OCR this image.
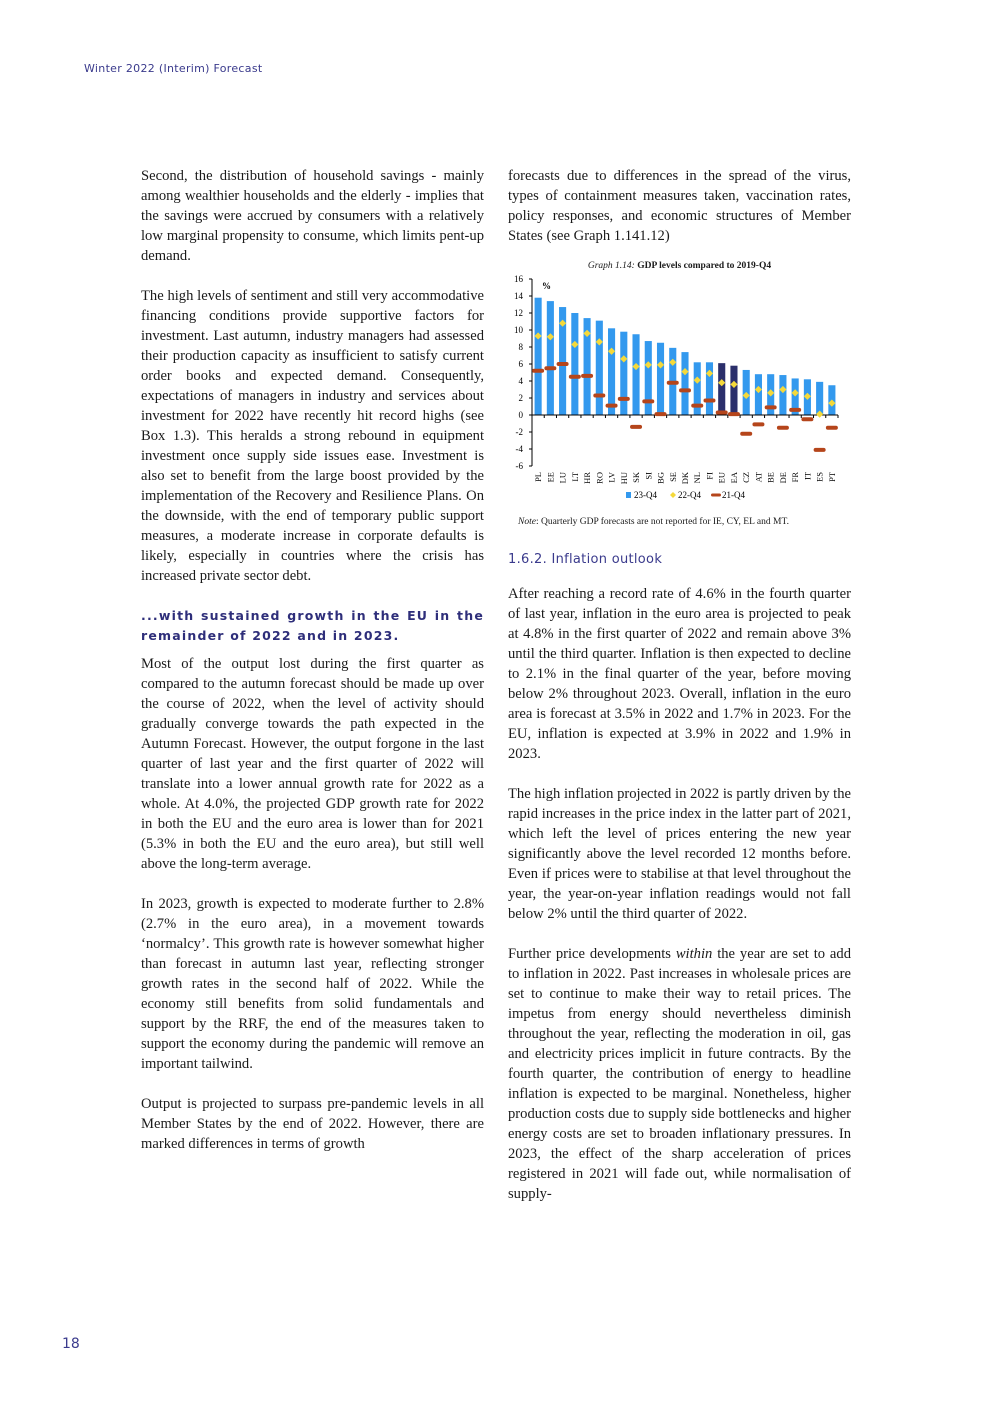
Winter 2022 (Interim) Forecast

Second, the distribution of household savings - mainly among wealthier households and the elderly - implies that the savings were accrued by consumers with a relatively low marginal propensity to consume, which limits pent-up demand.

The high levels of sentiment and still very accommodative financing conditions provide supportive factors for investment. Last autumn, industry managers had assessed their production capacity as insufficient to satisfy current order books and expected demand. Consequently, expectations of managers in industry and services about investment for 2022 have recently hit record highs (see Box 1.3). This heralds a strong rebound in equipment investment once supply side issues ease. Investment is also set to benefit from the large boost provided by the implementation of the Recovery and Resilience Plans. On the downside, with the end of temporary public support measures, a moderate increase in corporate defaults is likely, especially in countries where the crisis has increased private sector debt.

...with sustained growth in the EU in the remainder of 2022 and in 2023.

Most of the output lost during the first quarter as compared to the autumn forecast should be made up over the course of 2022, when the level of activity should gradually converge towards the path expected in the Autumn Forecast. However, the output forgone in the last quarter of last year and the first quarter of 2022 will translate into a lower annual growth rate for 2022 as a whole. At 4.0%, the projected GDP growth rate for 2022 in both the EU and the euro area is lower than for 2021 (5.3% in both the EU and the euro area), but still well above the long-term average.

In 2023, growth is expected to moderate further to 2.8% (2.7% in the euro area), in a movement towards ‘normalcy’. This growth rate is however somewhat higher than forecast in autumn last year, reflecting stronger growth rates in the second half of 2022. While the economy still benefits from solid fundamentals and support by the RRF, the end of the measures taken to support the economy during the pandemic will remove an important tailwind.

Output is projected to surpass pre-pandemic levels in all Member States by the end of 2022. However, there are marked differences in terms of growth

forecasts due to differences in the spread of the virus, types of containment measures taken, vaccination rates, policy responses, and economic structures of Member States (see Graph 1.141.12)

Graph 1.14: GDP levels compared to 2019-Q4
16
14
12
10
8
6
4
2
0
-2
-4
-6
%
PL EE LU LT HR RO LV HU SK SI BG SE DK NL FI EU EA CZ AT BE DE FR IT ES PT
23-Q4 22-Q4 21-Q4
Note: Quarterly GDP forecasts are not reported for IE, CY, EL and MT.
1.6.2. Inflation outlook

After reaching a record rate of 4.6% in the fourth quarter of last year, inflation in the euro area is projected to peak at 4.8% in the first quarter of 2022 and remain above 3% until the third quarter. Inflation is then expected to decline to 2.1% in the final quarter of the year, before moving below 2% throughout 2023. Overall, inflation in the euro area is forecast at 3.5% in 2022 and 1.7% in 2023. For the EU, inflation is expected at 3.9% in 2022 and 1.9% in 2023.

The high inflation projected in 2022 is partly driven by the rapid increases in the price index in the latter part of 2021, which left the level of prices entering the new year significantly above the level recorded 12 months before. Even if prices were to stabilise at that level throughout the year, the year-on-year inflation readings would not fall below 2% until the third quarter of 2022.

Further price developments within the year are set to add to inflation in 2022. Past increases in wholesale prices are set to continue to make their way to retail prices. The impetus from energy should nevertheless diminish throughout the year, reflecting the moderation in oil, gas and electricity prices implicit in future contracts. By the fourth quarter, the contribution of energy to headline inflation is expected to be marginal. Nonetheless, higher production costs due to supply side bottlenecks and higher energy costs are set to broaden inflationary pressures. In 2023, the effect of the sharp acceleration of prices registered in 2021 will fade out, while normalisation of supply-

18
